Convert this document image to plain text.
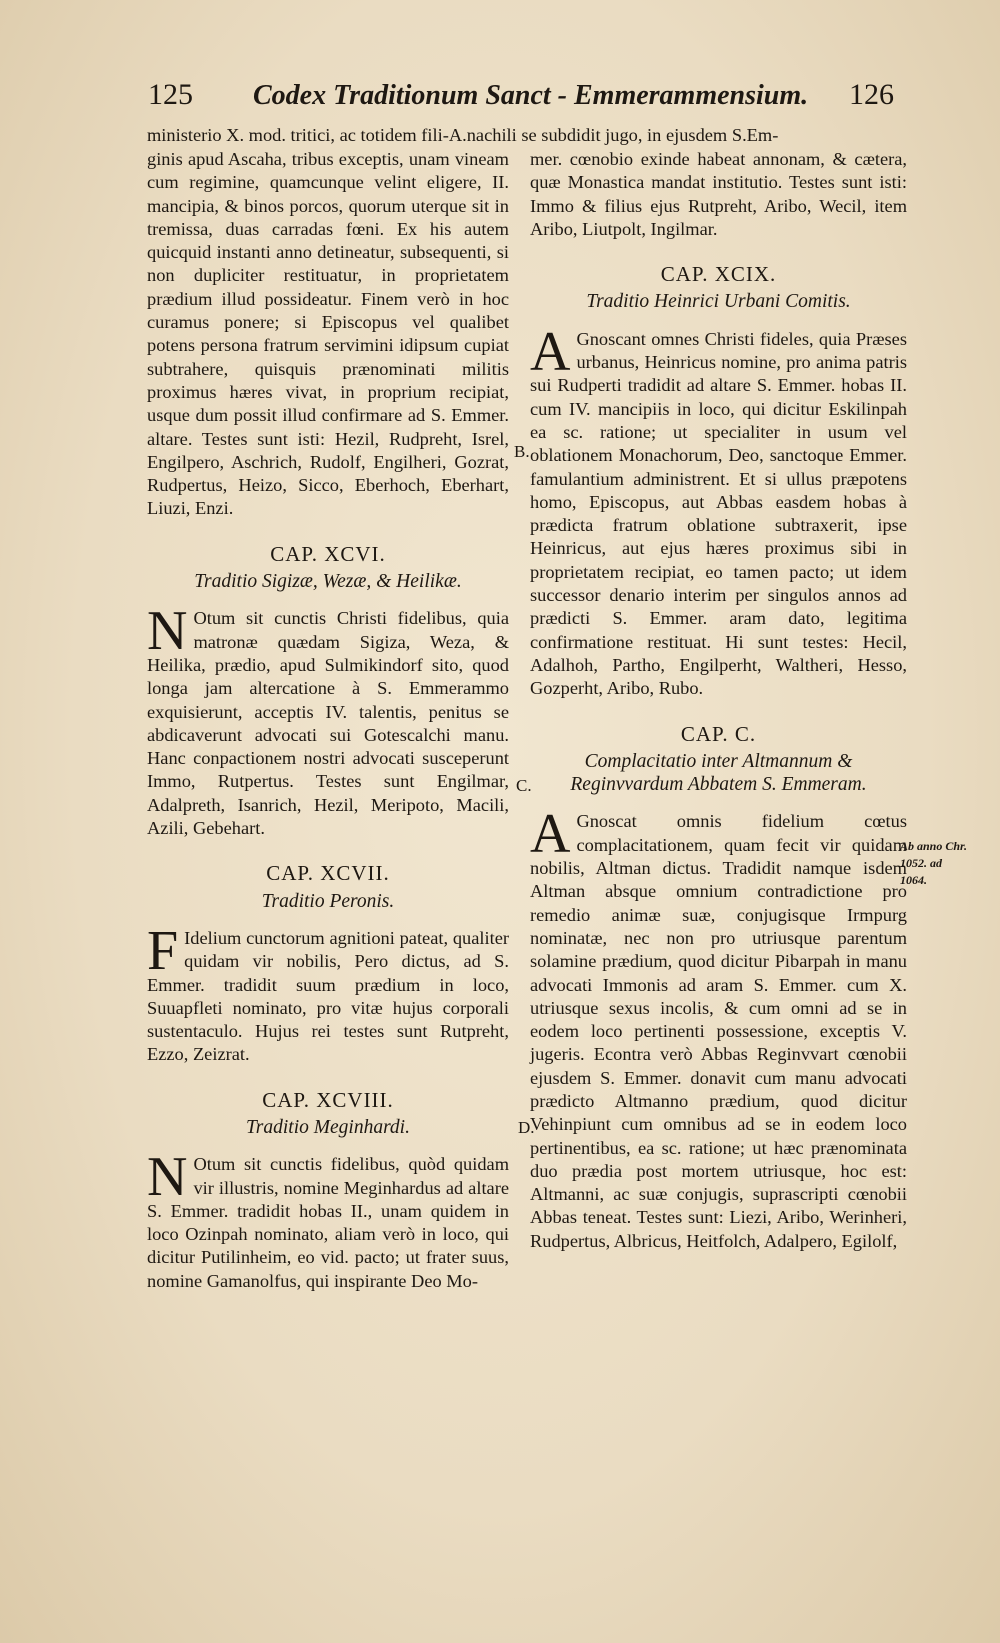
125 Codex Traditionum Sanct - Emmerammensium. 126

ministerio X. mod. tritici, ac totidem fili-A.nachili se subdidit jugo, in ejusdem S.Em-

ginis apud Ascaha, tribus exceptis, unam vineam cum regimine, quamcunque velint eligere, II. mancipia, & binos porcos, quorum uterque sit in tremissa, duas carradas fœni. Ex his autem quicquid instanti anno detineatur, subsequenti, si non dupliciter restituatur, in proprietatem prædium illud possideatur. Finem verò in hoc curamus ponere; si Episcopus vel qualibet potens persona fratrum servimini idipsum cupiat subtrahere, quisquis prænominati militis proximus hæres vivat, in proprium recipiat, usque dum possit illud confirmare ad S. Emmer. altare. Testes sunt isti: Hezil, Rudpreht, Isrel, Engilpero, Aschrich, Rudolf, Engilheri, Gozrat, Rudpertus, Heizo, Sicco, Eberhoch, Eberhart, Liuzi, Enzi.

CAP. XCVI.
Traditio Sigizæ, Wezæ, & Heilikæ.

N Otum sit cunctis Christi fidelibus, quia matronæ quædam Sigiza, Weza, & Heilika, prædio, apud Sulmikindorf sito, quod longa jam altercatione à S. Emmerammo exquisierunt, acceptis IV. talentis, penitus se abdicaverunt advocati sui Gotescalchi manu. Hanc conpactionem nostri advocati susceperunt Immo, Rutpertus. Testes sunt Engilmar, Adalpreth, Isanrich, Hezil, Meripoto, Macili, Azili, Gebehart.

CAP. XCVII.
Traditio Peronis.

F Idelium cunctorum agnitioni pateat, qualiter quidam vir nobilis, Pero dictus, ad S. Emmer. tradidit suum prædium in loco, Suuapfleti nominato, pro vitæ hujus corporali sustentaculo. Hujus rei testes sunt Rutpreht, Ezzo, Zeizrat.

CAP. XCVIII.
Traditio Meginhardi.

N Otum sit cunctis fidelibus, quòd quidam vir illustris, nomine Meginhardus ad altare S. Emmer. tradidit hobas II., unam quidem in loco Ozinpah nominato, aliam verò in loco, qui dicitur Putilinheim, eo vid. pacto; ut frater suus, nomine Gamanolfus, qui inspirante Deo Mo-

mer. cœnobio exinde habeat annonam, & cætera, quæ Monastica mandat institutio. Testes sunt isti: Immo & filius ejus Rutpreht, Aribo, Wecil, item Aribo, Liutpolt, Ingilmar.

CAP. XCIX.
Traditio Heinrici Urbani Comitis.

A Gnoscant omnes Christi fideles, quia Præses urbanus, Heinricus nomine, pro anima patris sui Rudperti tradidit ad altare S. Emmer. hobas II. cum IV. mancipiis in loco, qui dicitur Eskilinpah ea sc. ratione; ut specialiter in usum vel oblationem Monachorum, Deo, sanctoque Emmer. famulantium administrent. Et si ullus præpotens homo, Episcopus, aut Abbas easdem hobas à prædicta fratrum oblatione subtraxerit, ipse Heinricus, aut ejus hæres proximus sibi in proprietatem recipiat, eo tamen pacto; ut idem successor denario interim per singulos annos ad prædicti S. Emmer. aram dato, legitima confirmatione restituat. Hi sunt testes: Hecil, Adalhoh, Partho, Engilperht, Waltheri, Hesso, Gozperht, Aribo, Rubo.

CAP. C.
Complacitatio inter Altmannum & Reginvvardum Abbatem S. Emmeram.

A Gnoscat omnis fidelium cœtus complacitationem, quam fecit vir quidam nobilis, Altman dictus. Tradidit namque isdem Altman absque omnium contradictione pro remedio animæ suæ, conjugisque Irmpurg nominatæ, nec non pro utriusque parentum solamine prædium, quod dicitur Pibarpah in manu advocati Immonis ad aram S. Emmer. cum X. utriusque sexus incolis, & cum omni ad se in eodem loco pertinenti possessione, exceptis V. jugeris. Econtra verò Abbas Reginvvart cœnobii ejusdem S. Emmer. donavit cum manu advocati prædicto Altmanno prædium, quod dicitur Vehinpiunt cum omnibus ad se in eodem loco pertinentibus, ea sc. ratione; ut hæc prænominata duo prædia post mortem utriusque, hoc est: Altmanni, ac suæ conjugis, suprascripti cœnobii Abbas teneat. Testes sunt: Liezi, Aribo, Werinheri, Rudpertus, Albricus, Heitfolch, Adalpero, Egilolf,

B.
C.
D.
Ab anno Chr. 1052. ad 1064.
